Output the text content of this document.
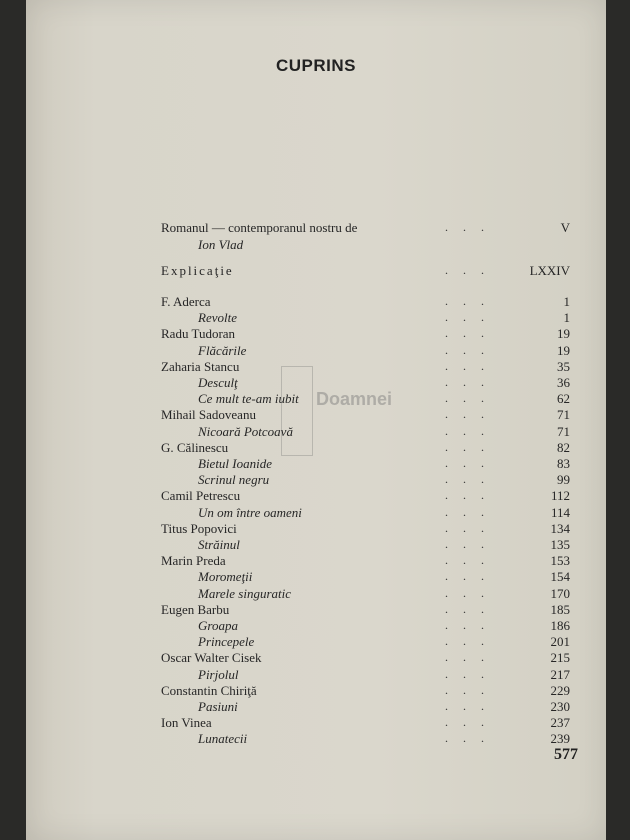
Doamnei
CUPRINS
Romanul — contemporanul nostru de	. . .	V
Ion Vlad
Explicaţie	. . .	LXXIV
F. Aderca	. . .	1
Revolte	. . .	1
Radu Tudoran	. . .	19
Flăcările	. . .	19
Zaharia Stancu	. . .	35
Desculţ	. . .	36
Ce mult te-am iubit	. . .	62
Mihail Sadoveanu	. . .	71
Nicoară Potcoavă	. . .	71
G. Călinescu	. . .	82
Bietul Ioanide	. . .	83
Scrinul negru	. . .	99
Camil Petrescu	. . .	112
Un om între oameni	. . .	114
Titus Popovici	. . .	134
Străinul	. . .	135
Marin Preda	. . .	153
Moromeţii	. . .	154
Marele singuratic	. . .	170
Eugen Barbu	. . .	185
Groapa	. . .	186
Princepele	. . .	201
Oscar Walter Cisek	. . .	215
Pirjolul	. . .	217
Constantin Chiriţă	. . .	229
Pasiuni	. . .	230
Ion Vinea	. . .	237
Lunatecii	. . .	239
577
